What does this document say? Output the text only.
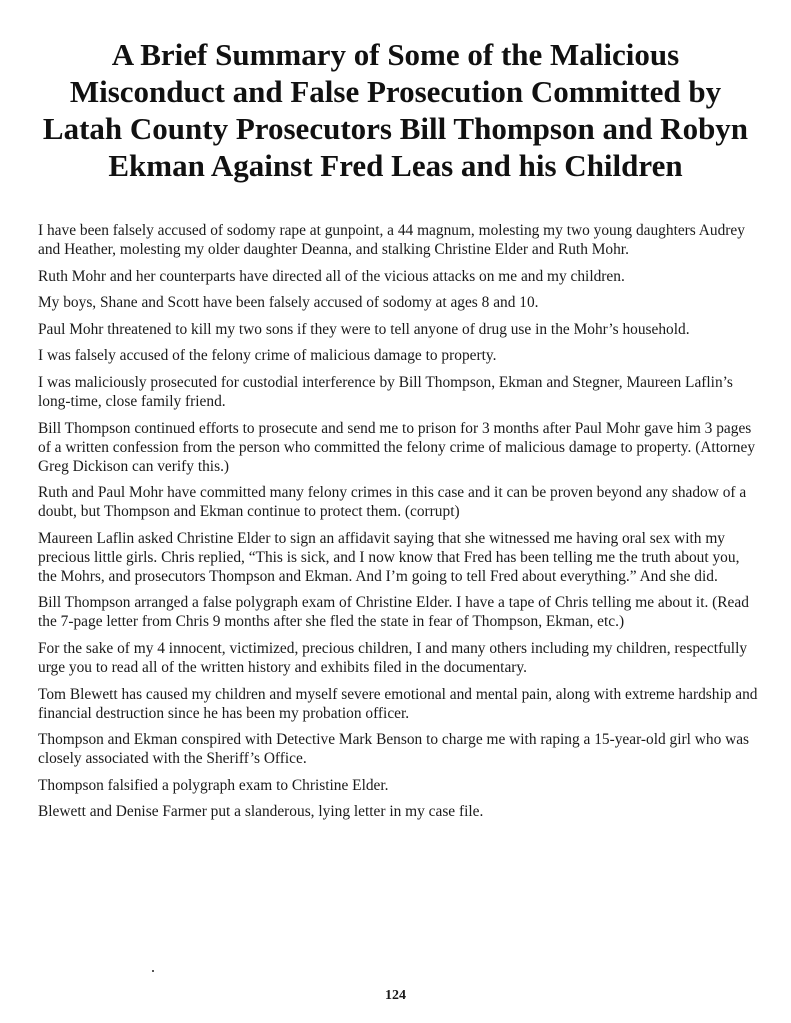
A Brief Summary of Some of the Malicious
Misconduct and False Prosecution Committed by
Latah County Prosecutors Bill Thompson and Robyn
Ekman Against Fred Leas and his Children

I have been falsely accused of sodomy rape at gunpoint, a 44 magnum, molesting my two young daughters Audrey and Heather, molesting my older daughter Deanna, and stalking Christine Elder and Ruth Mohr.

Ruth Mohr and her counterparts have directed all of the vicious attacks on me and my children.

My boys, Shane and Scott have been falsely accused of sodomy at ages 8 and 10.

Paul Mohr threatened to kill my two sons if they were to tell anyone of drug use in the Mohr’s household.

I was falsely accused of the felony crime of malicious damage to property.

I was maliciously prosecuted for custodial interference by Bill Thompson, Ekman and Stegner, Maureen Laflin’s long-time, close family friend.

Bill Thompson continued efforts to prosecute and send me to prison for 3 months after Paul Mohr gave him 3 pages of a written confession from the person who committed the felony crime of malicious damage to property. (Attorney Greg Dickison can verify this.)

Ruth and Paul Mohr have committed many felony crimes in this case and it can be proven beyond any shadow of a doubt, but Thompson and Ekman continue to protect them. (corrupt)

Maureen Laflin asked Christine Elder to sign an affidavit saying that she witnessed me having oral sex with my precious little girls. Chris replied, “This is sick, and I now know that Fred has been telling me the truth about you, the Mohrs, and prosecutors Thompson and Ekman. And I’m going to tell Fred about everything.” And she did.

Bill Thompson arranged a false polygraph exam of Christine Elder. I have a tape of Chris telling me about it. (Read the 7-page letter from Chris 9 months after she fled the state in fear of Thompson, Ekman, etc.)

For the sake of my 4 innocent, victimized, precious children, I and many others including my children, respectfully urge you to read all of the written history and exhibits filed in the documentary.

Tom Blewett has caused my children and myself severe emotional and mental pain, along with extreme hardship and financial destruction since he has been my probation officer.

Thompson and Ekman conspired with Detective Mark Benson to charge me with raping a 15-year-old girl who was closely associated with the Sheriff’s Office.

Thompson falsified a polygraph exam to Christine Elder.

Blewett and Denise Farmer put a slanderous, lying letter in my case file.

124
